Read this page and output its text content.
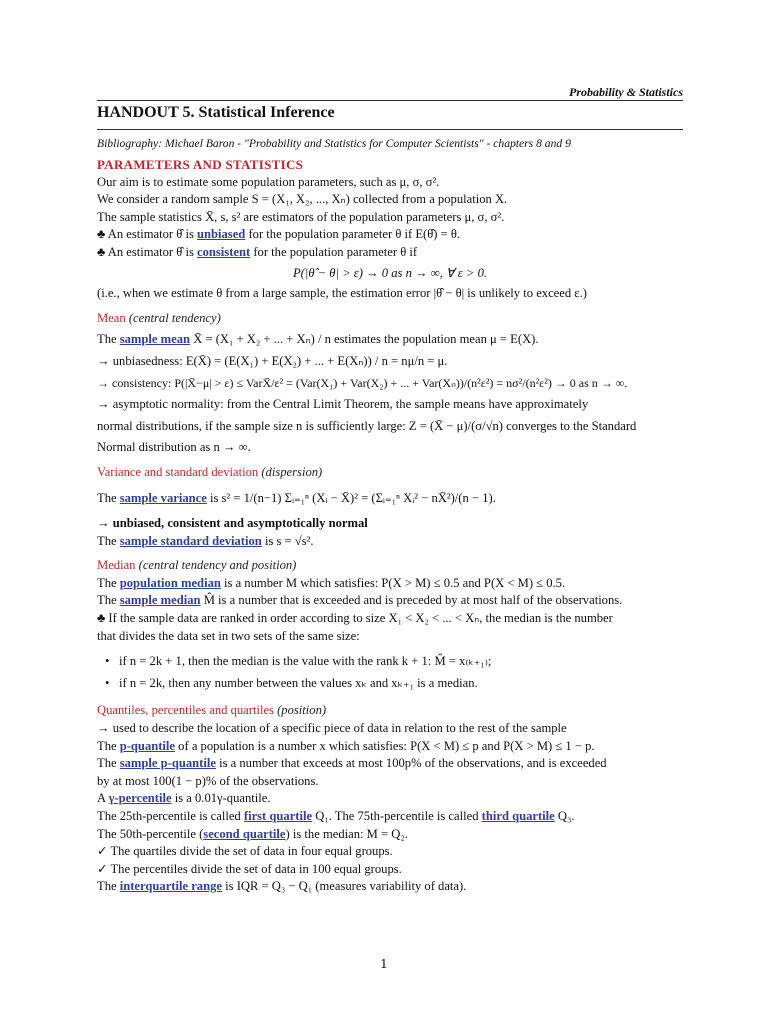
Probability & Statistics
HANDOUT 5. Statistical Inference
Bibliography: Michael Baron - "Probability and Statistics for Computer Scientists" - chapters 8 and 9

PARAMETERS AND STATISTICS

Our aim is to estimate some population parameters, such as μ, σ, σ².

We consider a random sample S = (X₁, X₂, ..., Xₙ) collected from a population X.

The sample statistics X̄, s, s² are estimators of the population parameters μ, σ, σ².

♣ An estimator θ̂ is unbiased for the population parameter θ if E(θ̂) = θ.

♣ An estimator θ̂ is consistent for the population parameter θ if

P(|θ̂ − θ| > ε) → 0 as n → ∞, ∀ ε > 0.

(i.e., when we estimate θ from a large sample, the estimation error |θ̂ − θ| is unlikely to exceed ε.)

Mean (central tendency)

The sample mean X̄ = (X₁ + X₂ + ... + Xₙ) / n estimates the population mean μ = E(X).

→ unbiasedness: E(X̄) = (E(X₁) + E(X₂) + ... + E(Xₙ)) / n = nμ/n = μ.

→ consistency: P(|X̄−μ| > ε) ≤ VarX̄/ε² = (Var(X₁) + Var(X₂) + ... + Var(Xₙ))/(n²ε²) = nσ²/(n²ε²) → 0 as n → ∞.

→ asymptotic normality: from the Central Limit Theorem, the sample means have approximately

normal distributions, if the sample size n is sufficiently large: Z = (X̄ − μ)/(σ/√n) converges to the Standard

Normal distribution as n → ∞.

Variance and standard deviation (dispersion)

The sample variance is s² = 1/(n−1) Σᵢ₌₁ⁿ (Xᵢ − X̄)² = (Σᵢ₌₁ⁿ Xᵢ² − nX̄²)/(n − 1).

→ unbiased, consistent and asymptotically normal

The sample standard deviation is s = √s².

Median (central tendency and position)

The population median is a number M which satisfies: P(X > M) ≤ 0.5 and P(X < M) ≤ 0.5.

The sample median M̂ is a number that is exceeded and is preceded by at most half of the observations.

♣ If the sample data are ranked in order according to size X₁ < X₂ < ... < Xₙ, the median is the number

that divides the data set in two sets of the same size:

• if n = 2k + 1, then the median is the value with the rank k + 1: M̂ = x₍ₖ₊₁₎;

• if n = 2k, then any number between the values xₖ and xₖ₊₁ is a median.

Quantiles, percentiles and quartiles (position)

→ used to describe the location of a specific piece of data in relation to the rest of the sample

The p-quantile of a population is a number x which satisfies: P(X < M) ≤ p and P(X > M) ≤ 1 − p.

The sample p-quantile is a number that exceeds at most 100p% of the observations, and is exceeded

by at most 100(1 − p)% of the observations.

A γ-percentile is a 0.01γ-quantile.

The 25th-percentile is called first quartile Q₁. The 75th-percentile is called third quartile Q₃.

The 50th-percentile (second quartile) is the median: M = Q₂.

✓ The quartiles divide the set of data in four equal groups.

✓ The percentiles divide the set of data in 100 equal groups.

The interquartile range is IQR = Q₃ − Q₁ (measures variability of data).

1
